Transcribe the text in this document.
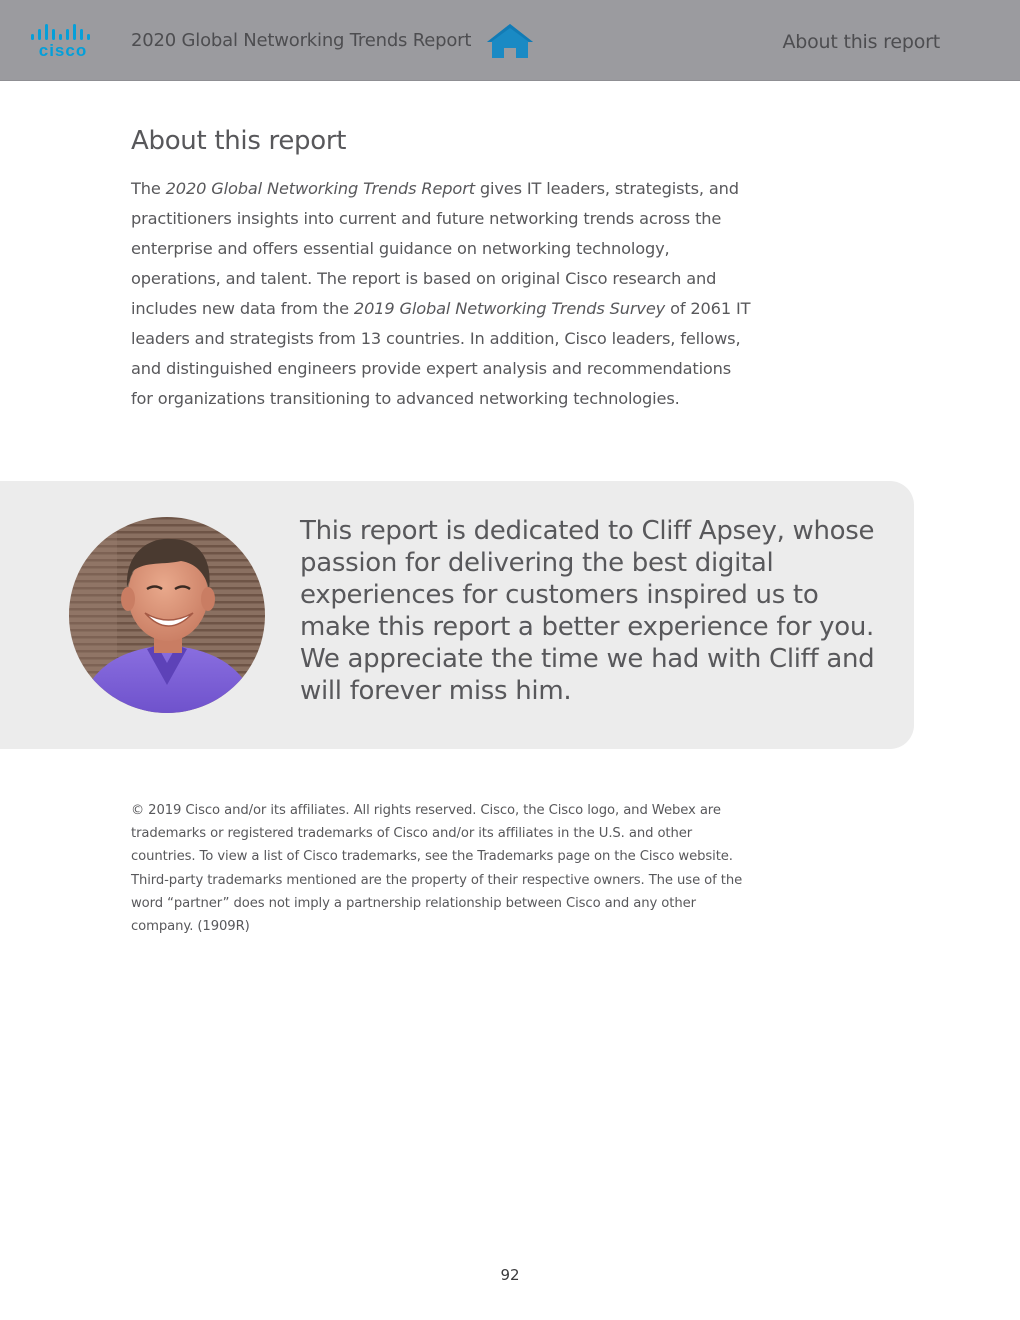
cisco 2020 Global Networking Trends Report	About this report
About this report

The 2020 Global Networking Trends Report gives IT leaders, strategists, and practitioners insights into current and future networking trends across the enterprise and offers essential guidance on networking technology, operations, and talent. The report is based on original Cisco research and includes new data from the 2019 Global Networking Trends Survey of 2061 IT leaders and strategists from 13 countries. In addition, Cisco leaders, fellows, and distinguished engineers provide expert analysis and recommendations for organizations transitioning to advanced networking technologies.

This report is dedicated to Cliff Apsey, whose passion for delivering the best digital experiences for customers inspired us to make this report a better experience for you. We appreciate the time we had with Cliff and will forever miss him.

© 2019 Cisco and/or its affiliates. All rights reserved. Cisco, the Cisco logo, and Webex are trademarks or registered trademarks of Cisco and/or its affiliates in the U.S. and other countries. To view a list of Cisco trademarks, see the Trademarks page on the Cisco website. Third-party trademarks mentioned are the property of their respective owners. The use of the word “partner” does not imply a partnership relationship between Cisco and any other company. (1909R)

92
